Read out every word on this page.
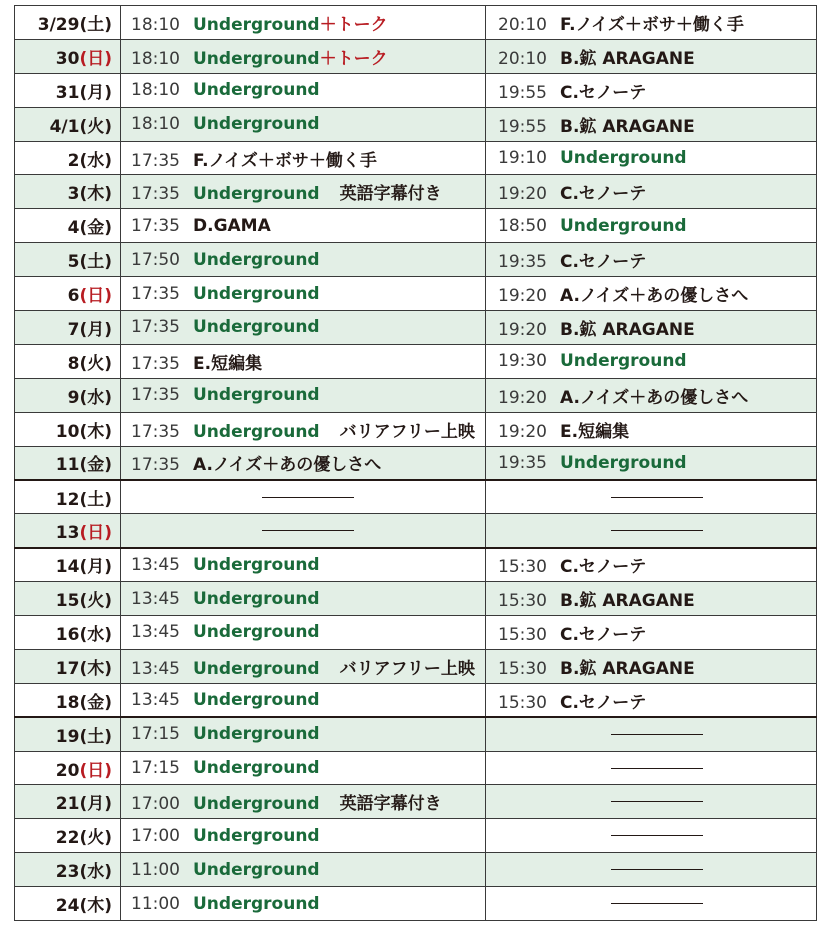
3/29(土)	18:10 Underground＋トーク	20:10 F.ノイズ＋ボサ＋働く手
30(日)	18:10 Underground＋トーク	20:10 B.鉱 ARAGANE
31(月)	18:10 Underground	19:55 C.セノーテ
4/1(火)	18:10 Underground	19:55 B.鉱 ARAGANE
2(水)	17:35 F.ノイズ＋ボサ＋働く手	19:10 Underground
3(木)	17:35 Underground 英語字幕付き	19:20 C.セノーテ
4(金)	17:35 D.GAMA	18:50 Underground
5(土)	17:50 Underground	19:35 C.セノーテ
6(日)	17:35 Underground	19:20 A.ノイズ＋あの優しさへ
7(月)	17:35 Underground	19:20 B.鉱 ARAGANE
8(火)	17:35 E.短編集	19:30 Underground
9(水)	17:35 Underground	19:20 A.ノイズ＋あの優しさへ
10(木)	17:35 Underground バリアフリー上映	19:20 E.短編集
11(金)	17:35 A.ノイズ＋あの優しさへ	19:35 Underground
12(土)	

13(日)	

14(月)	13:45 Underground	15:30 C.セノーテ
15(火)	13:45 Underground	15:30 B.鉱 ARAGANE
16(水)	13:45 Underground	15:30 C.セノーテ
17(木)	13:45 Underground バリアフリー上映	15:30 B.鉱 ARAGANE
18(金)	13:45 Underground	15:30 C.セノーテ
19(土)	17:15 Underground	

20(日)	17:15 Underground	

21(月)	17:00 Underground 英語字幕付き	

22(火)	17:00 Underground	

23(水)	11:00 Underground	

24(木)	11:00 Underground	
